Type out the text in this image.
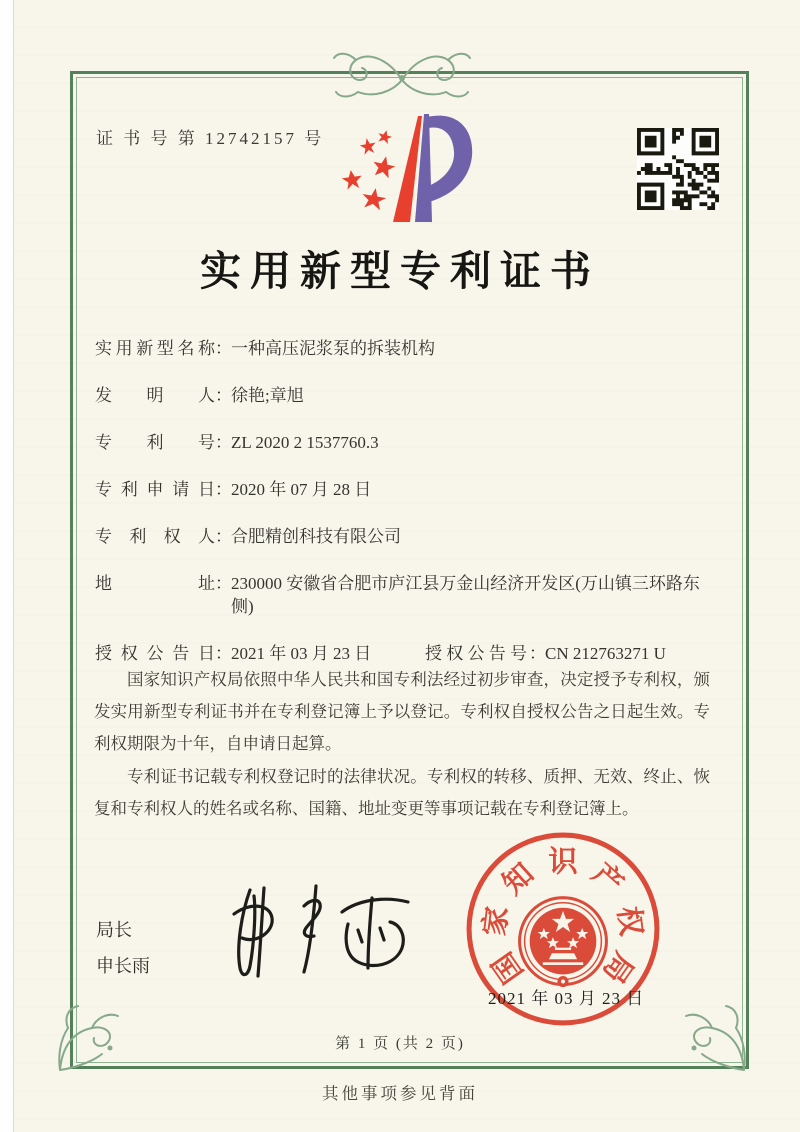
证 书 号 第 12742157 号
实用新型专利证书
实用新型名称 ： 一种高压泥浆泵的拆装机构
发明人 ： 徐艳;章旭
专利号 ： ZL 2020 2 1537760.3
专利申请日 ： 2020 年 07 月 28 日
专利权人 ： 合肥精创科技有限公司
地址 ： 230000 安徽省合肥市庐江县万金山经济开发区(万山镇三环路东侧)
授权公告日 ： 2021 年 03 月 23 日	授权公告号 ： CN 212763271 U

国家知识产权局依照中华人民共和国专利法经过初步审查，决定授予专利权，颁发实用新型专利证书并在专利登记簿上予以登记。专利权自授权公告之日起生效。专利权期限为十年，自申请日起算。

专利证书记载专利权登记时的法律状况。专利权的转移、质押、无效、终止、恢复和专利权人的姓名或名称、国籍、地址变更等事项记载在专利登记簿上。

局长
申长雨	国
家
知 识 产
权
局
2021 年 03 月 23 日
第 1 页 (共 2 页)
其他事项参见背面
